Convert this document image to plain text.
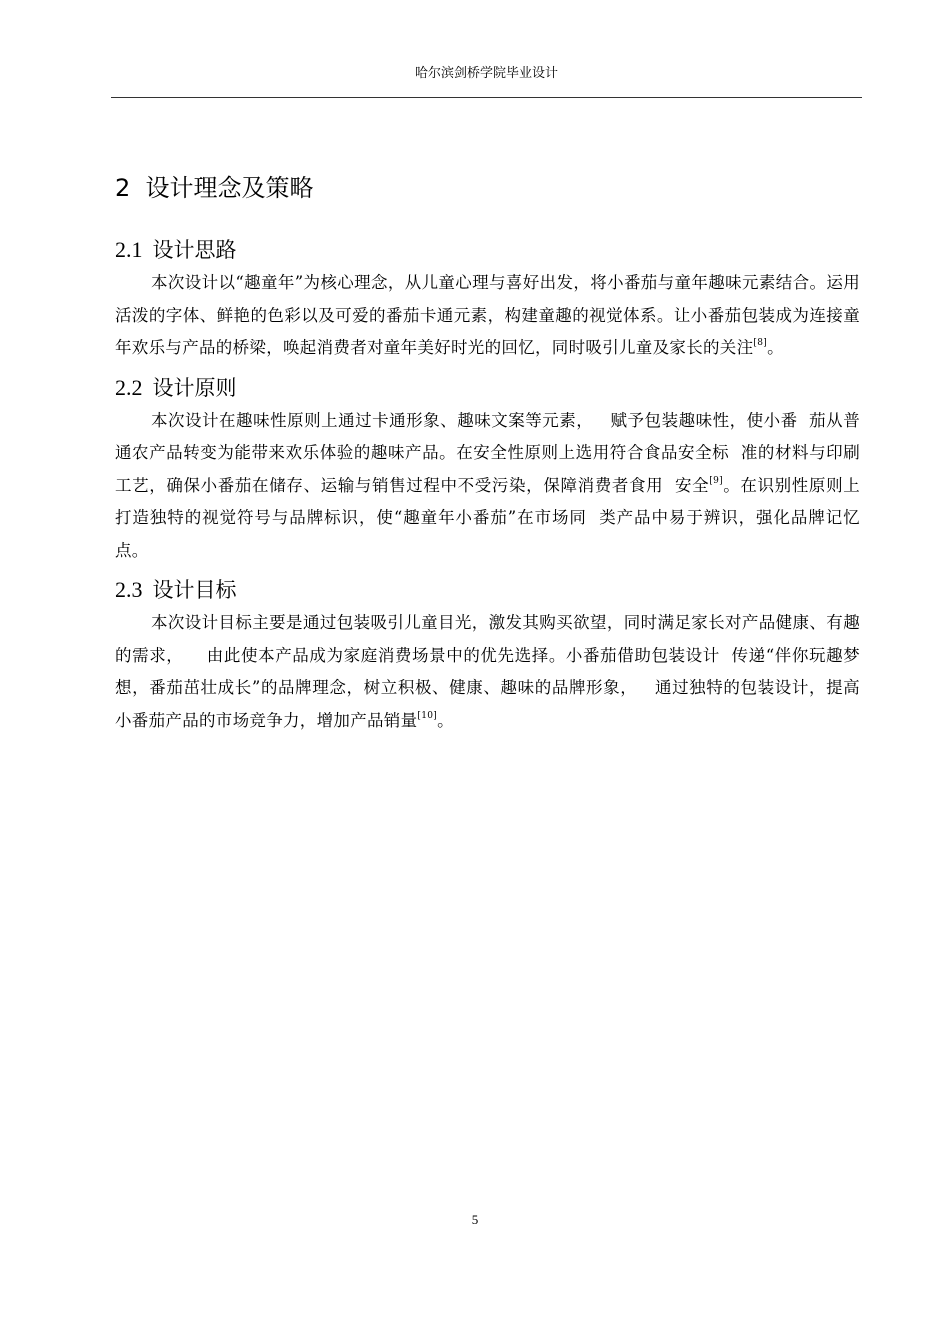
哈尔滨剑桥学院毕业设计
2 设计理念及策略
2.1 设计思路

本次设计以“趣童年”为核心理念，从儿童心理与喜好出发，将小番茄与童年趣味元素结合。运用活泼的字体、鲜艳的色彩以及可爱的番茄卡通元素，构建童趣的视觉体系。让小番茄包装成为连接童年欢乐与产品的桥梁，唤起消费者对童年美好时光的回忆，同时吸引儿童及家长的关注[8]。

2.2 设计原则

本次设计在趣味性原则上通过卡通形象、趣味文案等元素，   赋予包装趣味性，使小番  茄从普通农产品转变为能带来欢乐体验的趣味产品。在安全性原则上选用符合食品安全标  准的材料与印刷工艺，确保小番茄在储存、运输与销售过程中不受污染，保障消费者食用  安全[9]。在识别性原则上打造独特的视觉符号与品牌标识，使“趣童年小番茄”在市场同  类产品中易于辨识，强化品牌记忆点。

2.3 设计目标

本次设计目标主要是通过包装吸引儿童目光，激发其购买欲望，同时满足家长对产品健康、有趣的需求，    由此使本产品成为家庭消费场景中的优先选择。小番茄借助包装设计  传递“伴你玩趣梦想，番茄茁壮成长”的品牌理念，树立积极、健康、趣味的品牌形象，   通过独特的包装设计，提高小番茄产品的市场竞争力，增加产品销量[10]。

5
